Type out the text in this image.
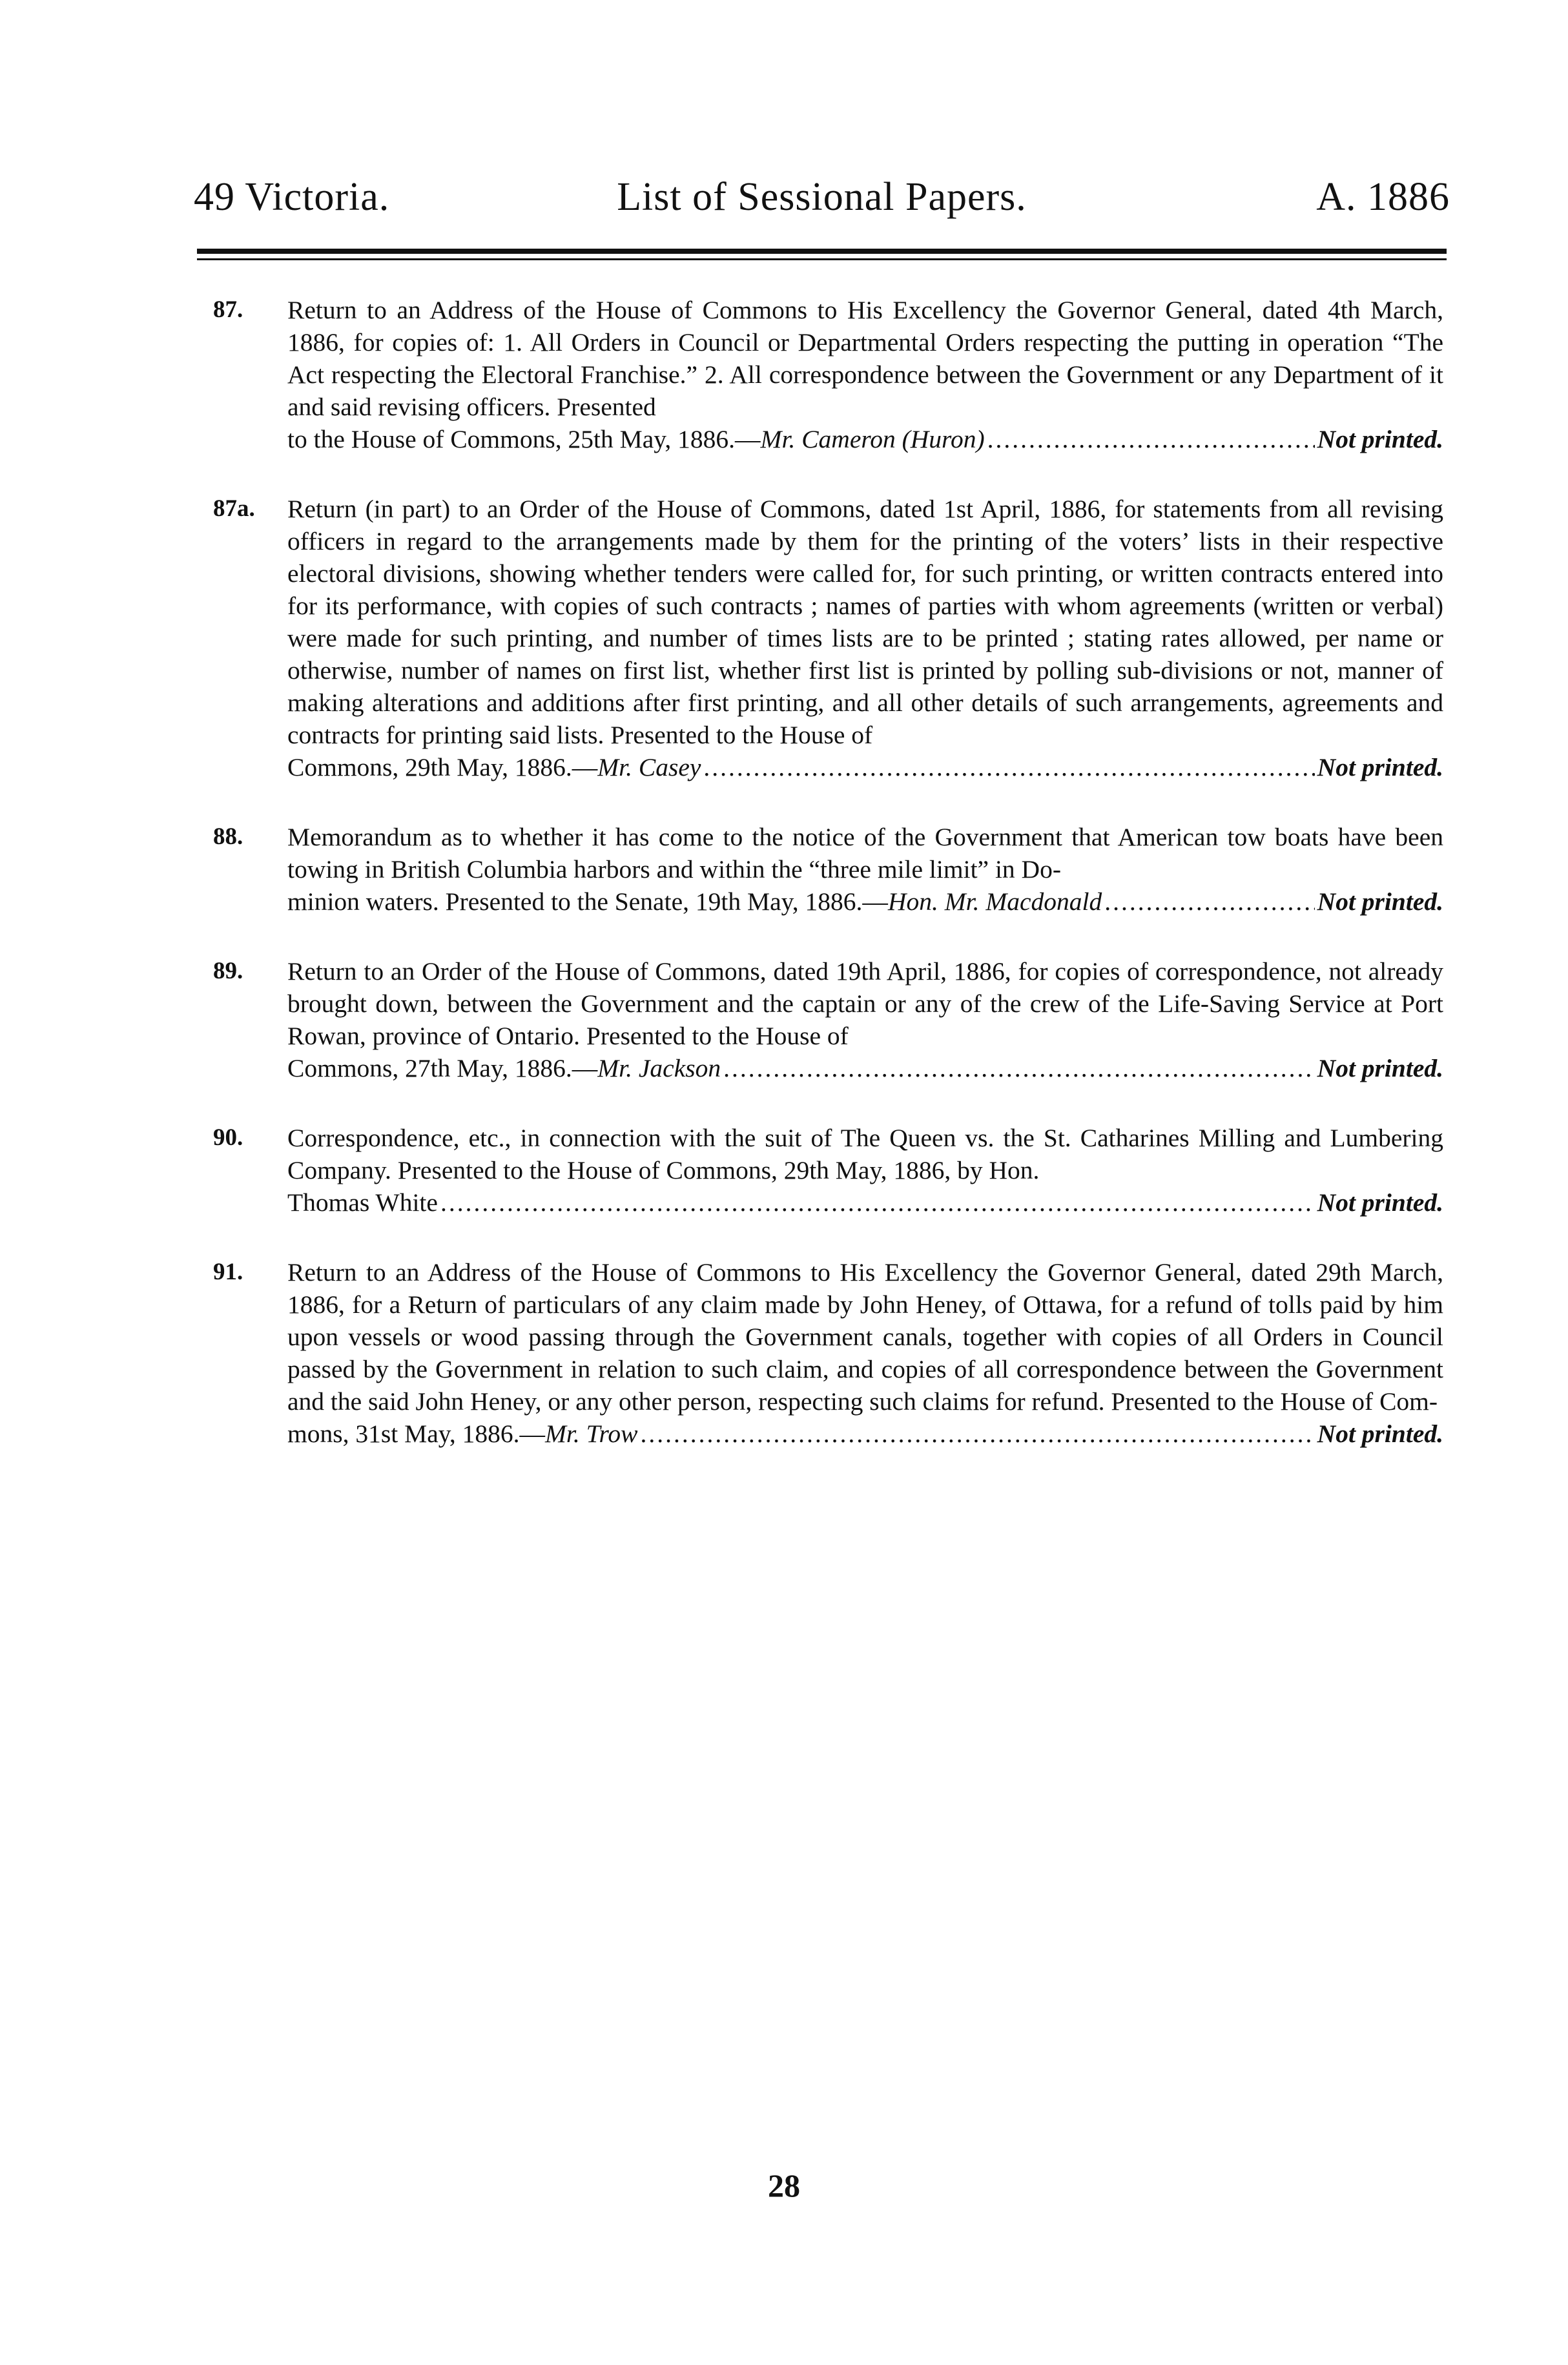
49 Victoria.	List of Sessional Papers.	A. 1886
87. Return to an Address of the House of Commons to His Excellency the Governor General, dated 4th March, 1886, for copies of: 1. All Orders in Council or Departmental Orders respecting the putting in operation “The Act respecting the Electoral Franchise.” 2. All correspondence between the Government or any Department of it and said revising officers. Presented
to the House of Commons, 25th May, 1886.—Mr. Cameron (Huron) .....	Not printed.
87a. Return (in part) to an Order of the House of Commons, dated 1st April, 1886, for statements from all revising officers in regard to the arrangements made by them for the printing of the voters’ lists in their respective electoral divisions, showing whether tenders were called for, for such printing, or written contracts entered into for its performance, with copies of such contracts ; names of parties with whom agreements (written or verbal) were made for such printing, and number of times lists are to be printed ; stating rates allowed, per name or otherwise, number of names on first list, whether first list is printed by polling sub-divisions or not, manner of making alterations and additions after first printing, and all other details of such arrangements, agreements and contracts for printing said lists. Presented to the House of
Commons, 29th May, 1886.—Mr. Casey .....	Not printed.
88. Memorandum as to whether it has come to the notice of the Government that American tow boats have been towing in British Columbia harbors and within the “three mile limit” in Do-
minion waters. Presented to the Senate, 19th May, 1886.—Hon. Mr. Macdonald .....	Not printed.
89. Return to an Order of the House of Commons, dated 19th April, 1886, for copies of correspondence, not already brought down, between the Government and the captain or any of the crew of the Life-Saving Service at Port Rowan, province of Ontario. Presented to the House of
Commons, 27th May, 1886.—Mr. Jackson .....	Not printed.
90. Correspondence, etc., in connection with the suit of The Queen vs. the St. Catharines Milling and Lumbering Company. Presented to the House of Commons, 29th May, 1886, by Hon.
Thomas White .....	Not printed.
91. Return to an Address of the House of Commons to His Excellency the Governor General, dated 29th March, 1886, for a Return of particulars of any claim made by John Heney, of Ottawa, for a refund of tolls paid by him upon vessels or wood passing through the Government canals, together with copies of all Orders in Council passed by the Government in relation to such claim, and copies of all correspondence between the Government and the said John Heney, or any other person, respecting such claims for refund. Presented to the House of Com-
mons, 31st May, 1886.—Mr. Trow .....	Not printed.
28
